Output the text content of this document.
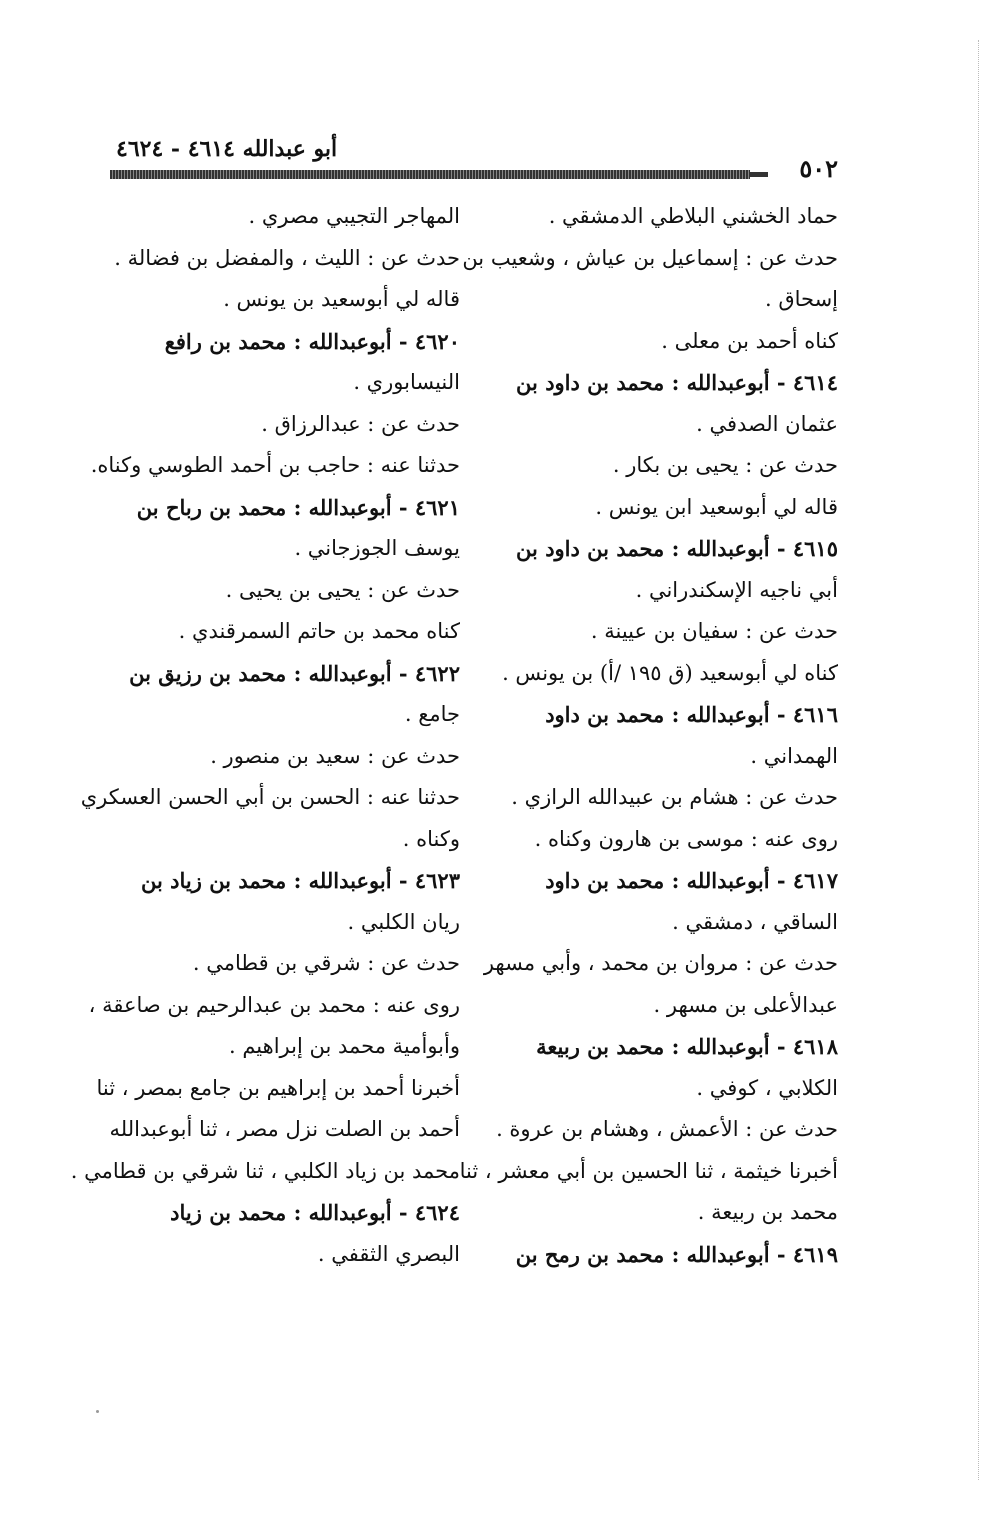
٥٠٢
أبو عبدالله ٤٦١٤ - ٤٦٢٤
حماد الخشني البلاطي الدمشقي .
حدث عن : إسماعيل بن عياش ، وشعيب بن
إسحاق .
كناه أحمد بن معلى .
٤٦١٤ - أبوعبدالله : محمد بن داود بن
عثمان الصدفي .
حدث عن : يحيى بن بكار .
قاله لي أبوسعيد ابن يونس .
٤٦١٥ - أبوعبدالله : محمد بن داود بن
أبي ناجيه الإسكندراني .
حدث عن : سفيان بن عيينة .
كناه لي أبوسعيد (ق ١٩٥ /أ) بن يونس .
٤٦١٦ - أبوعبدالله : محمد بن داود
الهمداني .
حدث عن : هشام بن عبيدالله الرازي .
روى عنه : موسى بن هارون وكناه .
٤٦١٧ - أبوعبدالله : محمد بن داود
الساقي ، دمشقي .
حدث عن : مروان بن محمد ، وأبي مسهر
عبدالأعلى بن مسهر .
٤٦١٨ - أبوعبدالله : محمد بن ربيعة
الكلابي ، كوفي .
حدث عن : الأعمش ، وهشام بن عروة .
أخبرنا خيثمة ، ثنا الحسين بن أبي معشر ، ثنا
محمد بن ربيعة .
٤٦١٩ - أبوعبدالله : محمد بن رمح بن
المهاجر التجيبي مصري .
حدث عن : الليث ، والمفضل بن فضالة .
قاله لي أبوسعيد بن يونس .
٤٦٢٠ - أبوعبدالله : محمد بن رافع
النيسابوري .
حدث عن : عبدالرزاق .
حدثنا عنه : حاجب بن أحمد الطوسي وكناه.
٤٦٢١ - أبوعبدالله : محمد بن رباح بن
يوسف الجوزجاني .
حدث عن : يحيى بن يحيى .
كناه محمد بن حاتم السمرقندي .
٤٦٢٢ - أبوعبدالله : محمد بن رزيق بن
جامع .
حدث عن : سعيد بن منصور .
حدثنا عنه : الحسن بن أبي الحسن العسكري
وكناه .
٤٦٢٣ - أبوعبدالله : محمد بن زياد بن
ريان الكلبي .
حدث عن : شرقي بن قطامي .
روى عنه : محمد بن عبدالرحيم بن صاعقة ،
وأبوأمية محمد بن إبراهيم .
أخبرنا أحمد بن إبراهيم بن جامع بمصر ، ثنا
أحمد بن الصلت نزل مصر ، ثنا أبوعبدالله
محمد بن زياد الكلبي ، ثنا شرقي بن قطامي .
٤٦٢٤ - أبوعبدالله : محمد بن زياد
البصري الثقفي .
